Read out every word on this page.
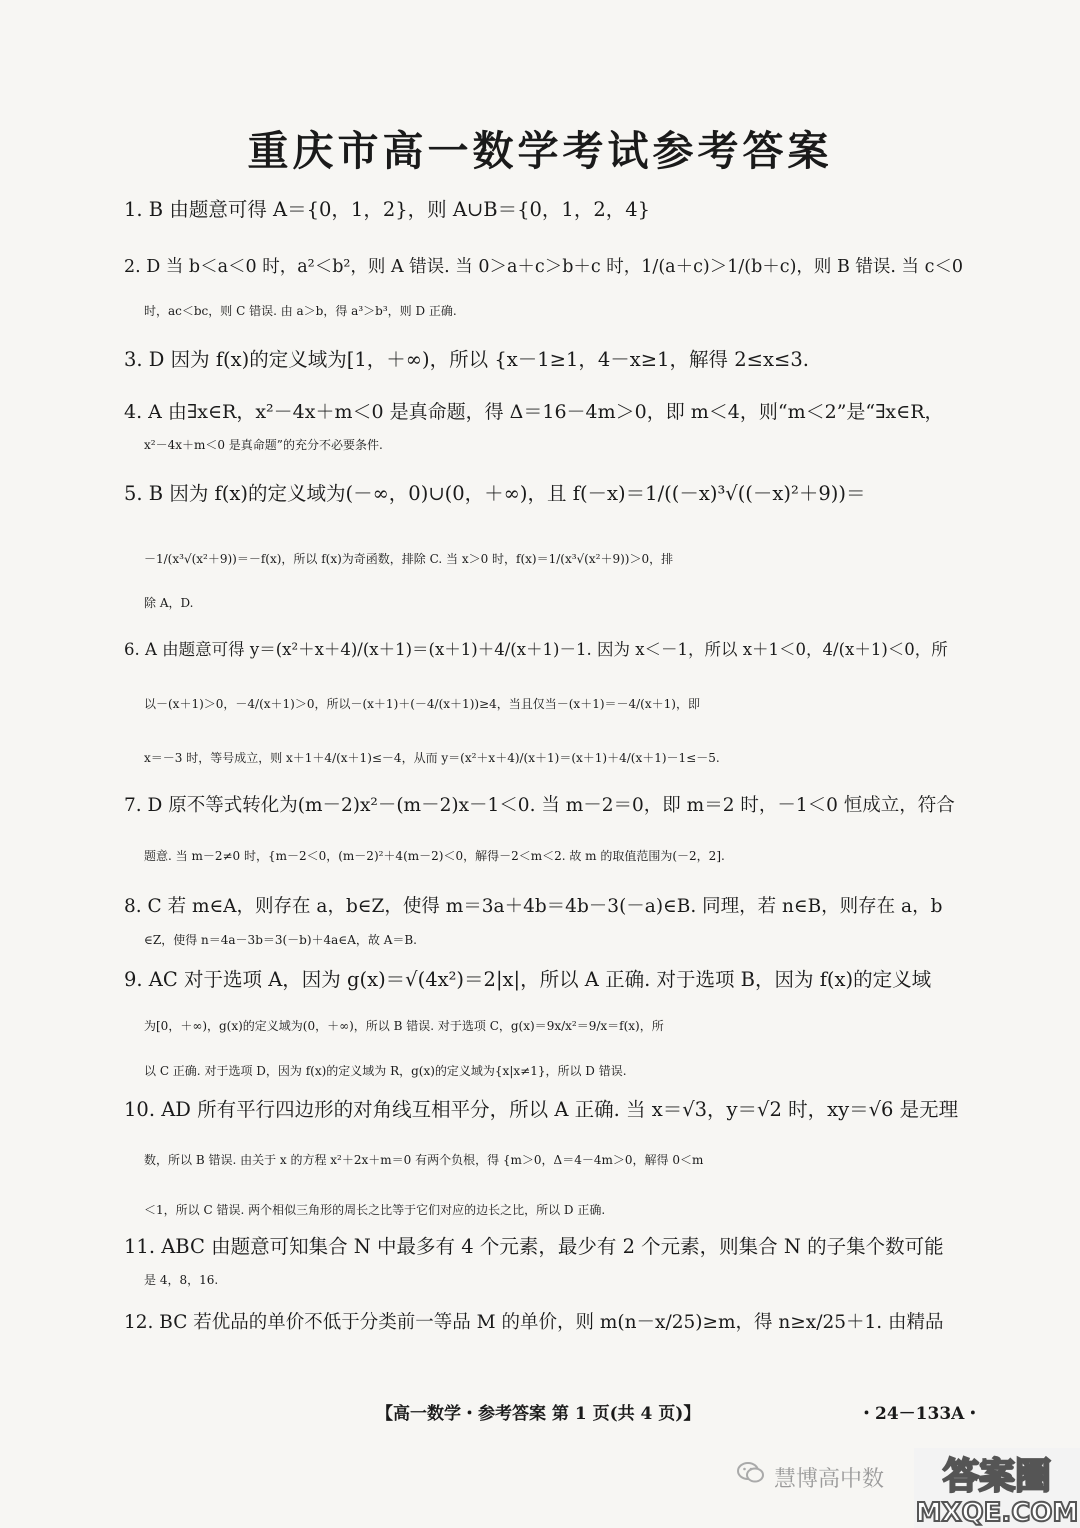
重庆市高一数学考试参考答案
1. B 由题意可得 A＝{0，1，2}，则 A∪B＝{0，1，2，4}
2. D 当 b＜a＜0 时，a²＜b²，则 A 错误. 当 0＞a＋c＞b＋c 时，1/(a＋c)＞1/(b＋c)，则 B 错误. 当 c＜0
时，ac＜bc，则 C 错误. 由 a＞b，得 a³＞b³，则 D 正确.
3. D 因为 f(x)的定义域为[1，＋∞)，所以 {x－1≥1，4－x≥1，解得 2≤x≤3.
4. A 由∃x∈R，x²－4x＋m＜0 是真命题，得 Δ＝16－4m＞0，即 m＜4，则“m＜2”是“∃x∈R，
x²－4x＋m＜0 是真命题”的充分不必要条件.
5. B 因为 f(x)的定义域为(－∞，0)∪(0，＋∞)，且 f(－x)＝1/((－x)³√((－x)²＋9))＝
－1/(x³√(x²＋9))＝－f(x)，所以 f(x)为奇函数，排除 C. 当 x＞0 时，f(x)＝1/(x³√(x²＋9))＞0，排
除 A，D.
6. A 由题意可得 y＝(x²＋x＋4)/(x＋1)＝(x＋1)＋4/(x＋1)－1. 因为 x＜－1，所以 x＋1＜0，4/(x＋1)＜0，所
以－(x＋1)＞0，－4/(x＋1)＞0，所以－(x＋1)＋(－4/(x＋1))≥4，当且仅当－(x＋1)＝－4/(x＋1)，即
x＝－3 时，等号成立，则 x＋1＋4/(x＋1)≤－4，从而 y＝(x²＋x＋4)/(x＋1)＝(x＋1)＋4/(x＋1)－1≤－5.
7. D 原不等式转化为(m－2)x²－(m－2)x－1＜0. 当 m－2＝0，即 m＝2 时，－1＜0 恒成立，符合
题意. 当 m－2≠0 时，{m－2＜0，(m－2)²＋4(m－2)＜0，解得－2＜m＜2. 故 m 的取值范围为(－2，2].
8. C 若 m∈A，则存在 a，b∈Z，使得 m＝3a＋4b＝4b－3(－a)∈B. 同理，若 n∈B，则存在 a，b
∈Z，使得 n＝4a－3b＝3(－b)＋4a∈A，故 A＝B.
9. AC 对于选项 A，因为 g(x)＝√(4x²)＝2|x|，所以 A 正确. 对于选项 B，因为 f(x)的定义域
为[0，＋∞)，g(x)的定义域为(0，＋∞)，所以 B 错误. 对于选项 C，g(x)＝9x/x²＝9/x＝f(x)，所
以 C 正确. 对于选项 D，因为 f(x)的定义域为 R，g(x)的定义域为{x|x≠1}，所以 D 错误.
10. AD 所有平行四边形的对角线互相平分，所以 A 正确. 当 x＝√3，y＝√2 时，xy＝√6 是无理
数，所以 B 错误. 由关于 x 的方程 x²＋2x＋m＝0 有两个负根，得 {m＞0，Δ＝4－4m＞0，解得 0＜m
＜1，所以 C 错误. 两个相似三角形的周长之比等于它们对应的边长之比，所以 D 正确.
11. ABC 由题意可知集合 N 中最多有 4 个元素，最少有 2 个元素，则集合 N 的子集个数可能
是 4，8，16.
12. BC 若优品的单价不低于分类前一等品 M 的单价，则 m(n－x/25)≥m，得 n≥x/25＋1. 由精品
【高一数学・参考答案 第 1 页(共 4 页)】	・24－133A・
慧博高中数 答案圈
MXQE.COM
